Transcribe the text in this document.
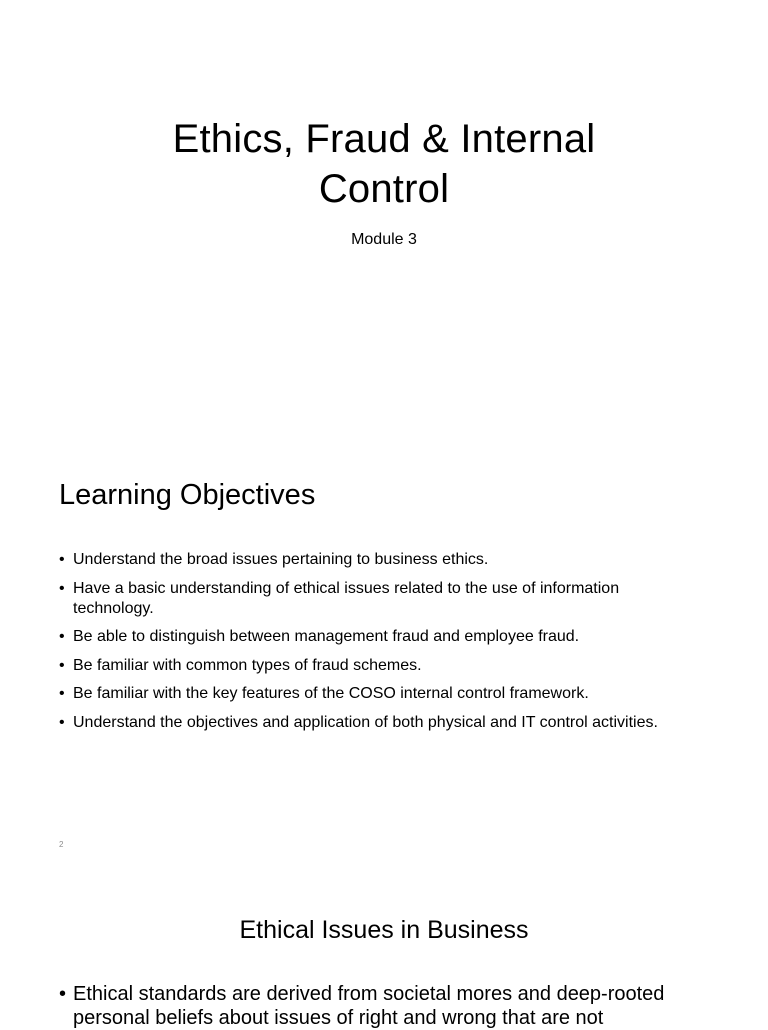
Ethics, Fraud & Internal
Control

Module 3

Learning Objectives
• Understand the broad issues pertaining to business ethics.
• Have a basic understanding of ethical issues related to the use of information technology.
• Be able to distinguish between management fraud and employee fraud.
• Be familiar with common types of fraud schemes.
• Be familiar with the key features of the COSO internal control framework.
• Understand the objectives and application of both physical and IT control activities.
2
Ethical Issues in Business
• Ethical standards are derived from societal mores and deep-rooted personal beliefs about issues of right and wrong that are not
